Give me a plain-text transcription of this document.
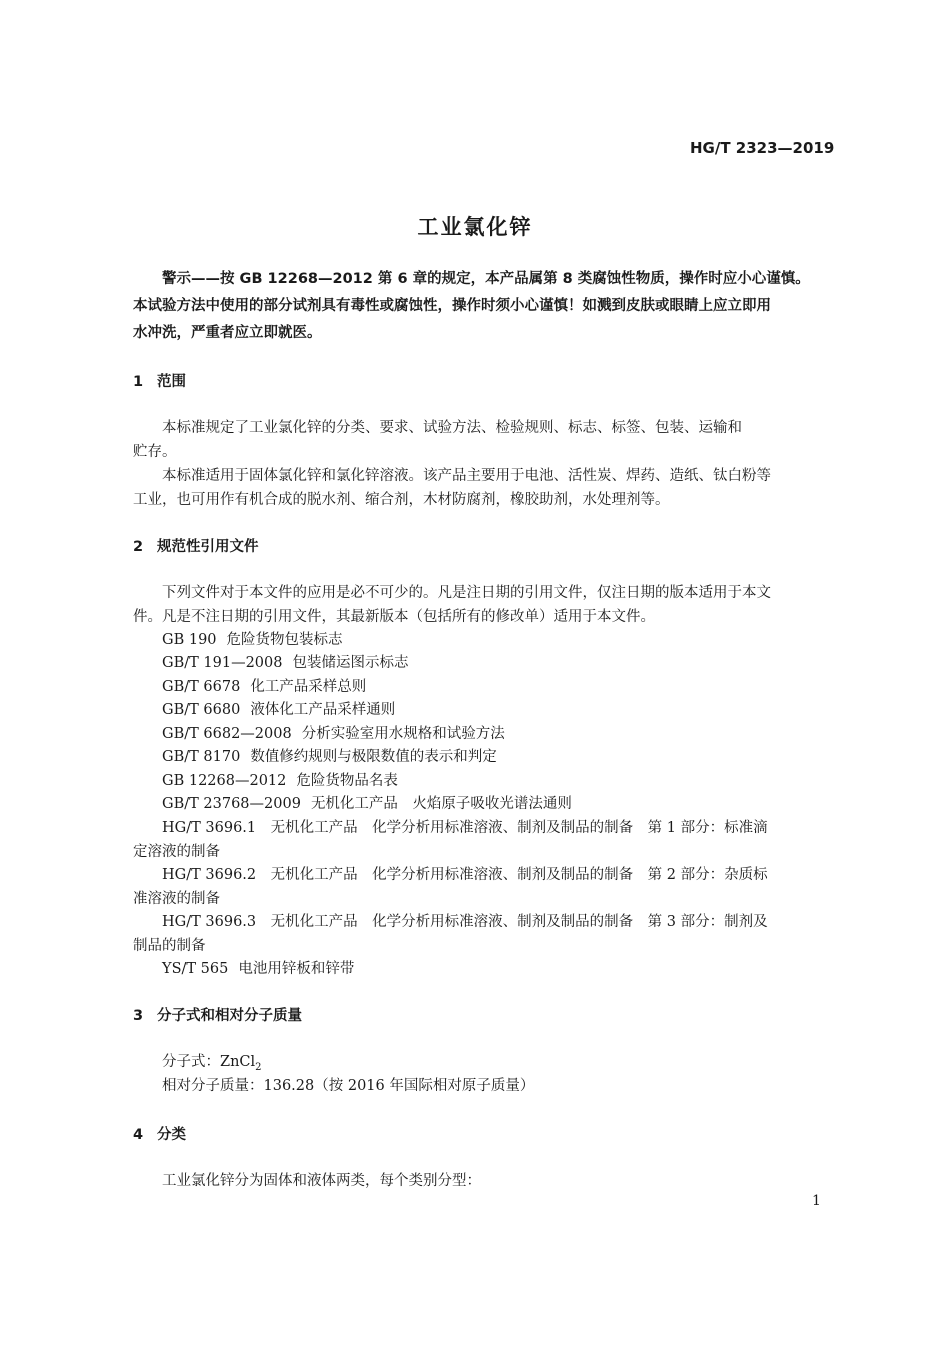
HG/T 2323—2019
工业氯化锌
警示——按 GB 12268—2012 第 6 章的规定，本产品属第 8 类腐蚀性物质，操作时应小心谨慎。
本试验方法中使用的部分试剂具有毒性或腐蚀性，操作时须小心谨慎！如溅到皮肤或眼睛上应立即用
水冲洗，严重者应立即就医。
1 范围
本标准规定了工业氯化锌的分类、要求、试验方法、检验规则、标志、标签、包装、运输和
贮存。
本标准适用于固体氯化锌和氯化锌溶液。该产品主要用于电池、活性炭、焊药、造纸、钛白粉等
工业，也可用作有机合成的脱水剂、缩合剂，木材防腐剂，橡胶助剂，水处理剂等。
2 规范性引用文件
下列文件对于本文件的应用是必不可少的。凡是注日期的引用文件，仅注日期的版本适用于本文
件。凡是不注日期的引用文件，其最新版本（包括所有的修改单）适用于本文件。
GB 190 危险货物包装标志
GB/T 191—2008 包装储运图示标志
GB/T 6678 化工产品采样总则
GB/T 6680 液体化工产品采样通则
GB/T 6682—2008 分析实验室用水规格和试验方法
GB/T 8170 数值修约规则与极限数值的表示和判定
GB 12268—2012 危险货物品名表
GB/T 23768—2009 无机化工产品　火焰原子吸收光谱法通则
HG/T 3696.1　无机化工产品　化学分析用标准溶液、制剂及制品的制备　第 1 部分：标准滴
定溶液的制备
HG/T 3696.2　无机化工产品　化学分析用标准溶液、制剂及制品的制备　第 2 部分：杂质标
准溶液的制备
HG/T 3696.3　无机化工产品　化学分析用标准溶液、制剂及制品的制备　第 3 部分：制剂及
制品的制备
YS/T 565 电池用锌板和锌带
3 分子式和相对分子质量
分子式：ZnCl$_2$
相对分子质量：136.28（按 2016 年国际相对原子质量）
4 分类
工业氯化锌分为固体和液体两类，每个类别分型：
1
